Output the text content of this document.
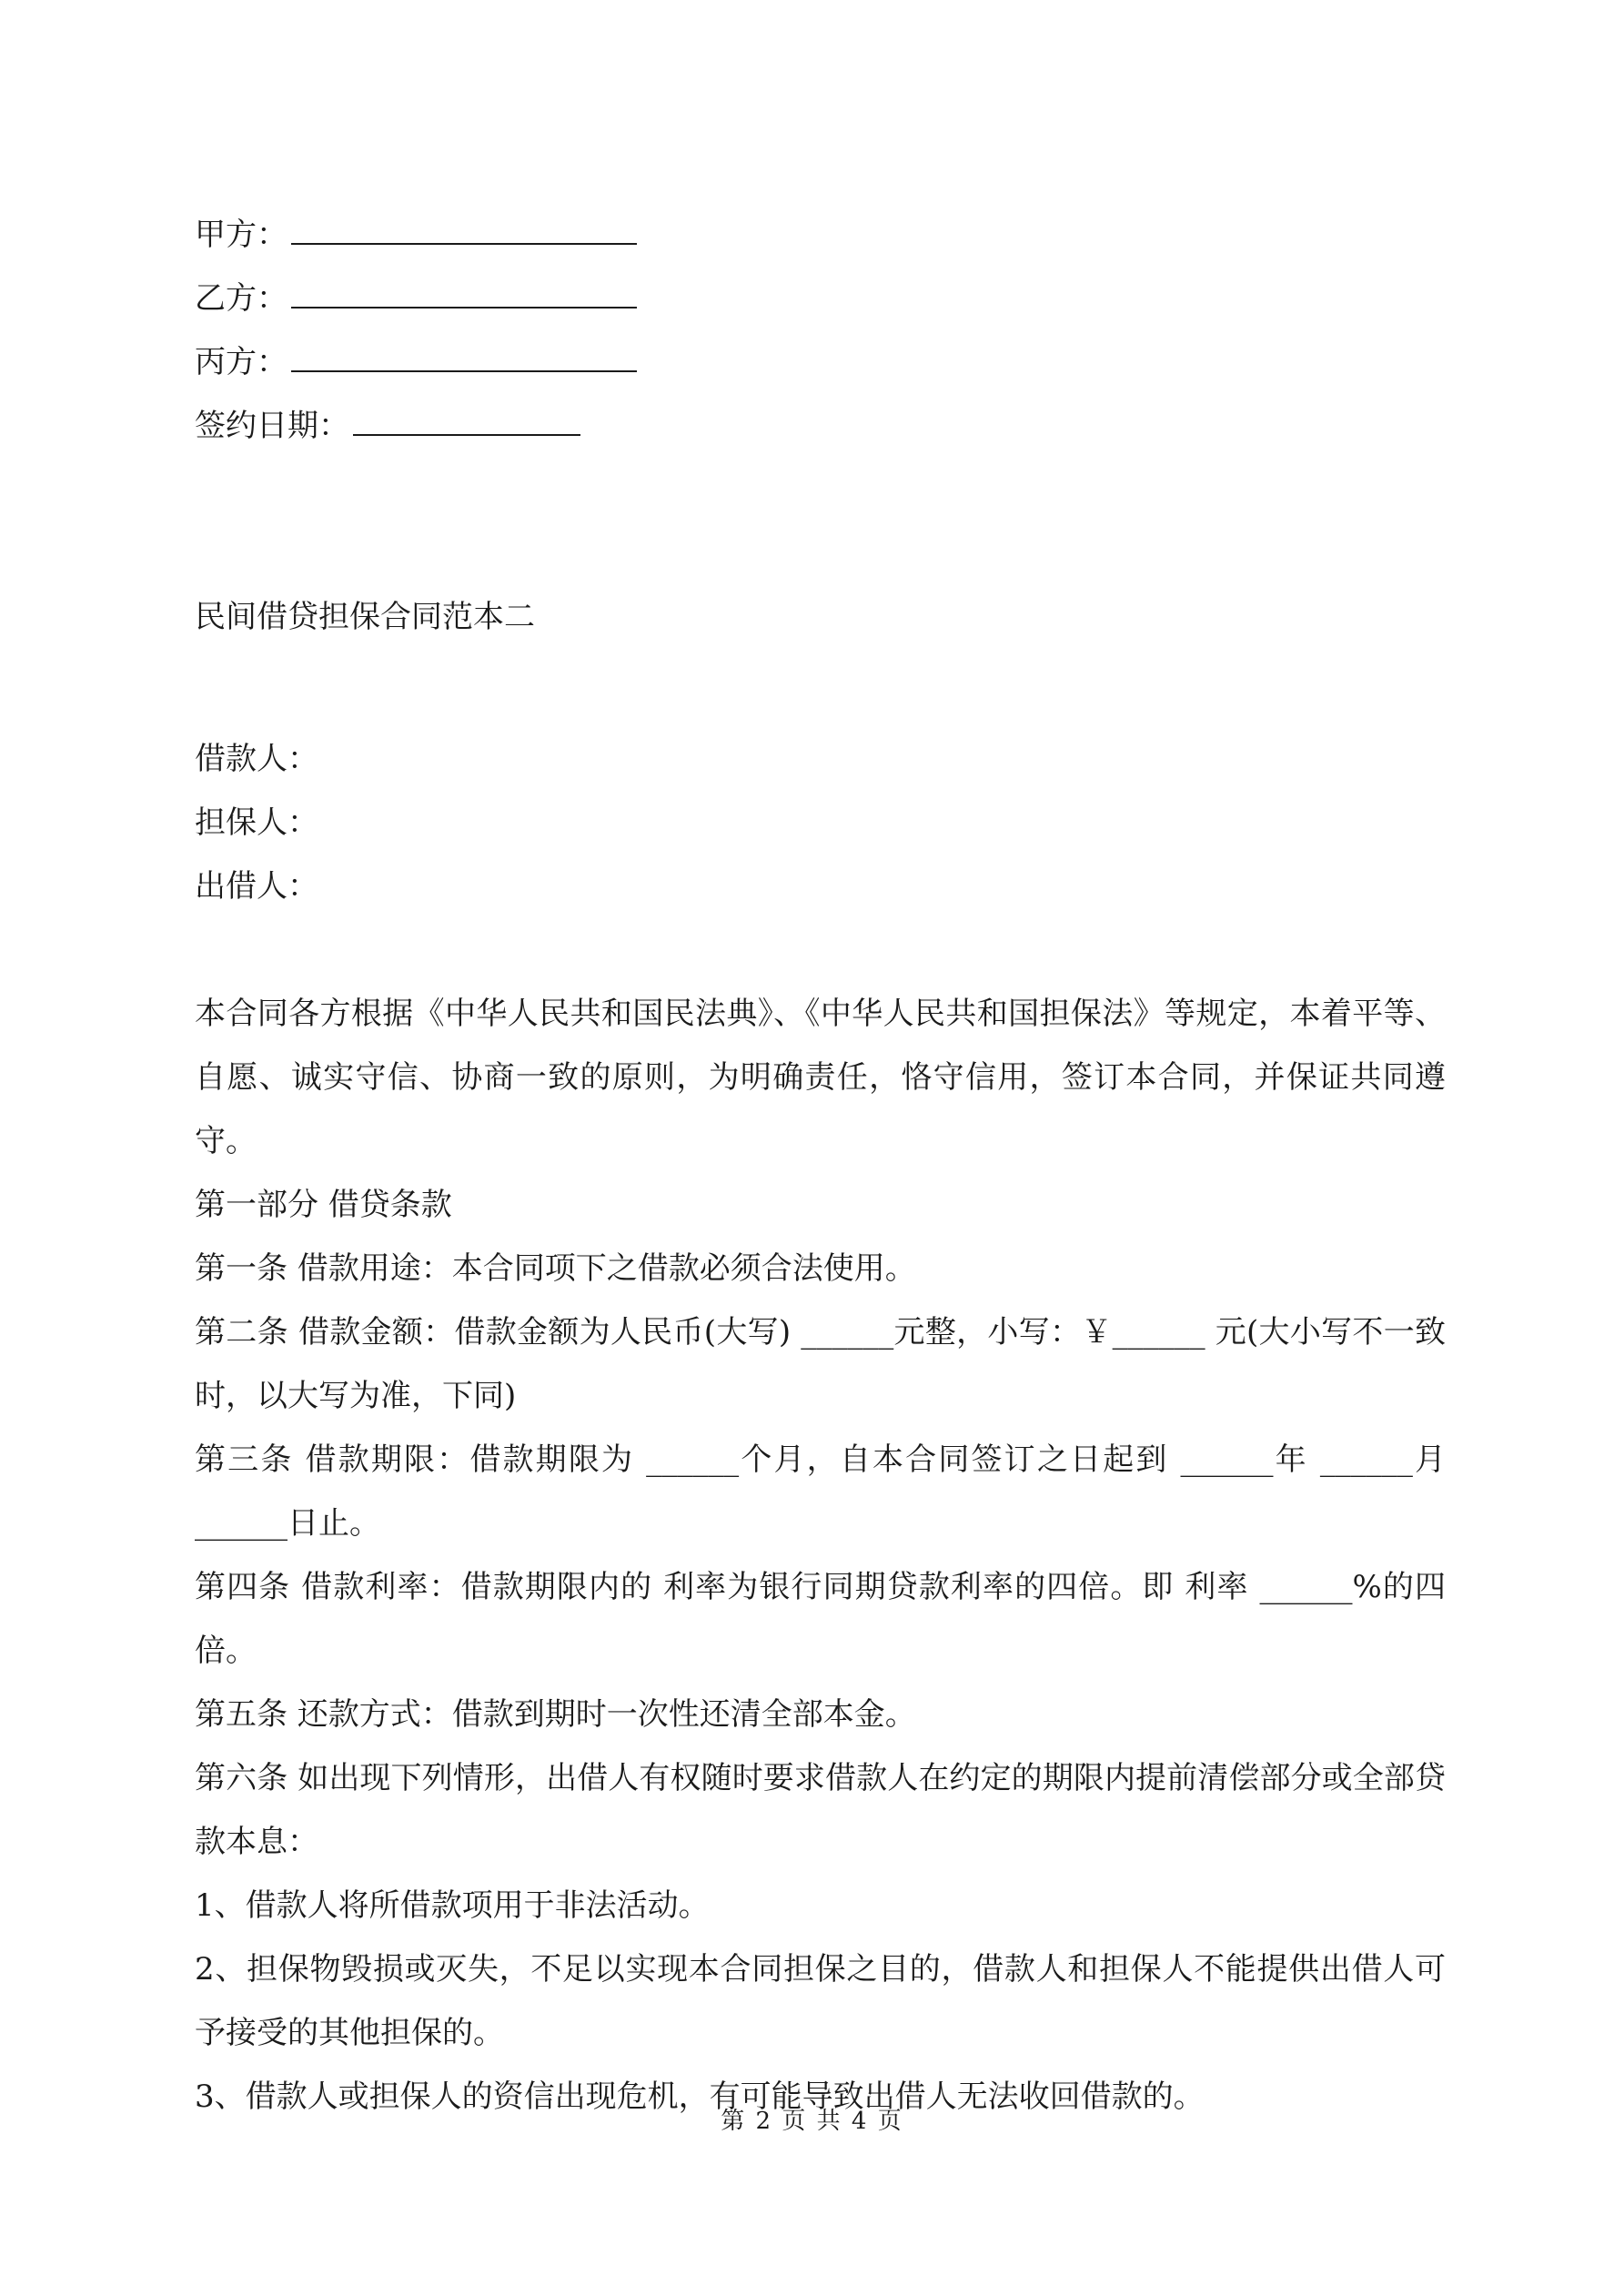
甲方：
乙方：
丙方：
签约日期：
民间借贷担保合同范本二
借款人：
担保人：
出借人：
本合同各方根据《中华人民共和国民法典》、《中华人民共和国担保法》等规定，本着平等、自愿、诚实守信、协商一致的原则，为明确责任，恪守信用，签订本合同，并保证共同遵守。
第一部分 借贷条款
第一条 借款用途：本合同项下之借款必须合法使用。
第二条 借款金额：借款金额为人民币(大写) ______元整，小写：￥______ 元(大小写不一致时，以大写为准，下同)
第三条 借款期限：借款期限为 ______个月，自本合同签订之日起到 ______年 ______月 ______日止。
第四条 借款利率：借款期限内的 利率为银行同期贷款利率的四倍。即 利率 ______%的四倍。
第五条 还款方式：借款到期时一次性还清全部本金。
第六条 如出现下列情形，出借人有权随时要求借款人在约定的期限内提前清偿部分或全部贷款本息：
1、借款人将所借款项用于非法活动。
2、担保物毁损或灭失，不足以实现本合同担保之目的，借款人和担保人不能提供出借人可予接受的其他担保的。
3、借款人或担保人的资信出现危机，有可能导致出借人无法收回借款的。
第 2 页 共 4 页
